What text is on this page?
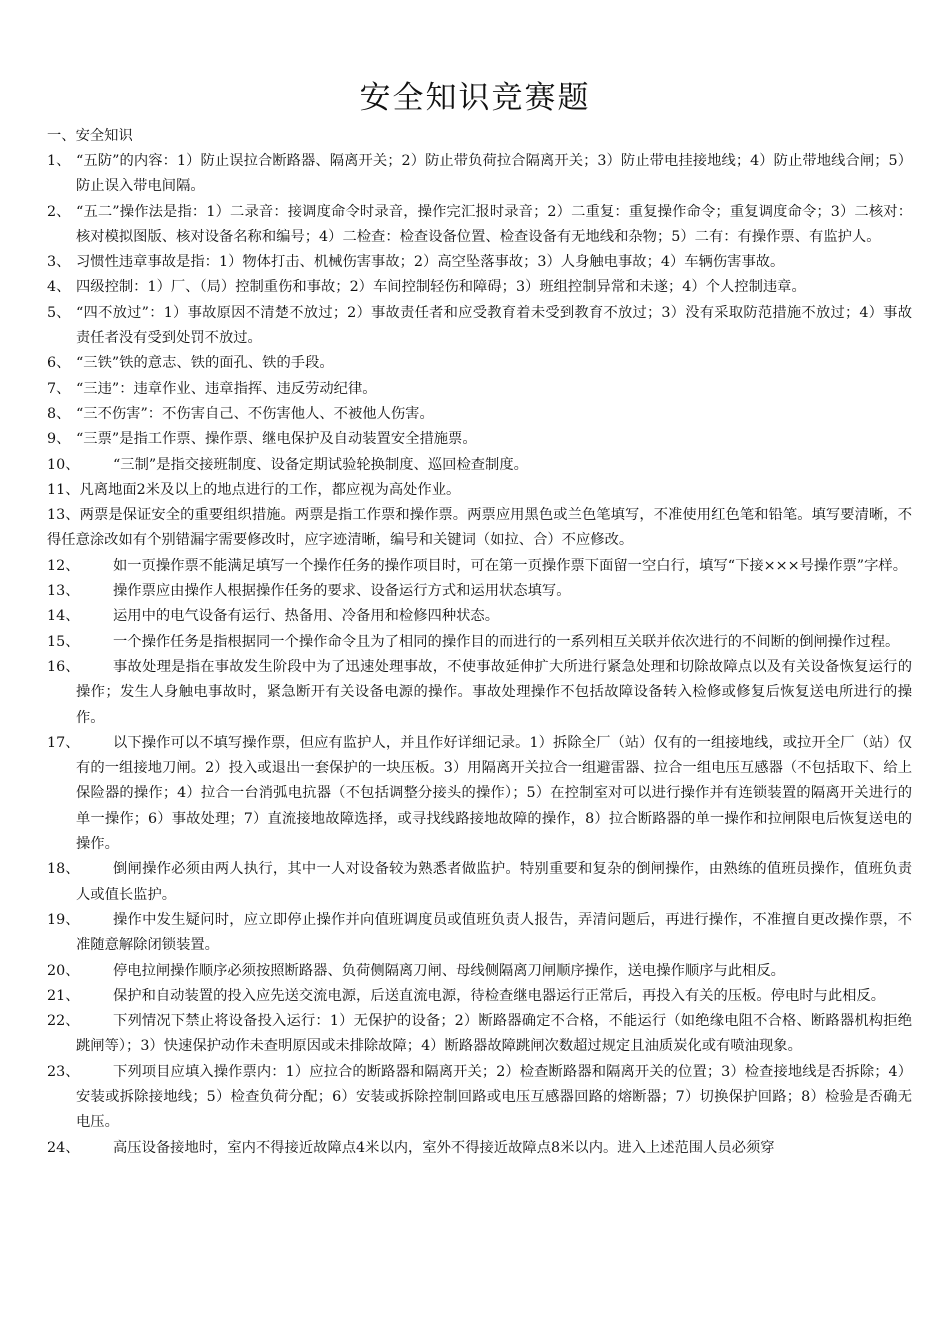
安全知识竞赛题
一、安全知识
1、 “五防”的内容：1）防止误拉合断路器、隔离开关；2）防止带负荷拉合隔离开关；3）防止带电挂接地线；4）防止带地线合闸；5）防止误入带电间隔。
2、 “五二”操作法是指：1）二录音：接调度命令时录音，操作完汇报时录音；2）二重复：重复操作命令；重复调度命令；3）二核对：核对模拟图版、核对设备名称和编号；4）二检查：检查设备位置、检查设备有无地线和杂物；5）二有：有操作票、有监护人。
3、 习惯性违章事故是指：1）物体打击、机械伤害事故；2）高空坠落事故；3）人身触电事故；4）车辆伤害事故。
4、 四级控制：1）厂、（局）控制重伤和事故；2）车间控制轻伤和障碍；3）班组控制异常和未遂；4）个人控制违章。
5、 “四不放过”：1）事故原因不清楚不放过；2）事故责任者和应受教育着未受到教育不放过；3）没有采取防范措施不放过；4）事故责任者没有受到处罚不放过。
6、 “三铁”铁的意志、铁的面孔、铁的手段。
7、 “三违”：违章作业、违章指挥、违反劳动纪律。
8、 “三不伤害”：不伤害自己、不伤害他人、不被他人伤害。
9、 “三票”是指工作票、操作票、继电保护及自动装置安全措施票。
10、	“三制”是指交接班制度、设备定期试验轮换制度、巡回检查制度。
11、凡离地面2米及以上的地点进行的工作，都应视为高处作业。
13、两票是保证安全的重要组织措施。两票是指工作票和操作票。两票应用黑色或兰色笔填写，不准使用红色笔和铅笔。填写要清晰，不得任意涂改如有个别错漏字需要修改时，应字迹清晰，编号和关键词（如拉、合）不应修改。
12、	如一页操作票不能满足填写一个操作任务的操作项目时，可在第一页操作票下面留一空白行，填写“下接×××号操作票”字样。
13、	操作票应由操作人根据操作任务的要求、设备运行方式和运用状态填写。
14、	运用中的电气设备有运行、热备用、冷备用和检修四种状态。
15、	一个操作任务是指根据同一个操作命令且为了相同的操作目的而进行的一系列相互关联并依次进行的不间断的倒闸操作过程。
16、	事故处理是指在事故发生阶段中为了迅速处理事故，不使事故延伸扩大所进行紧急处理和切除故障点以及有关设备恢复运行的操作；发生人身触电事故时，紧急断开有关设备电源的操作。事故处理操作不包括故障设备转入检修或修复后恢复送电所进行的操作。
17、	以下操作可以不填写操作票，但应有监护人，并且作好详细记录。1）拆除全厂（站）仅有的一组接地线，或拉开全厂（站）仅有的一组接地刀闸。2）投入或退出一套保护的一块压板。3）用隔离开关拉合一组避雷器、拉合一组电压互感器（不包括取下、给上保险器的操作；4）拉合一台消弧电抗器（不包括调整分接头的操作）；5）在控制室对可以进行操作并有连锁装置的隔离开关进行的单一操作；6）事故处理；7）直流接地故障选择，或寻找线路接地故障的操作，8）拉合断路器的单一操作和拉闸限电后恢复送电的操作。
18、	倒闸操作必须由两人执行，其中一人对设备较为熟悉者做监护。特别重要和复杂的倒闸操作，由熟练的值班员操作，值班负责人或值长监护。
19、	操作中发生疑问时，应立即停止操作并向值班调度员或值班负责人报告，弄清问题后，再进行操作，不准擅自更改操作票，不准随意解除闭锁装置。
20、	停电拉闸操作顺序必须按照断路器、负荷侧隔离刀闸、母线侧隔离刀闸顺序操作，送电操作顺序与此相反。
21、	保护和自动装置的投入应先送交流电源，后送直流电源，待检查继电器运行正常后，再投入有关的压板。停电时与此相反。
22、	下列情况下禁止将设备投入运行：1）无保护的设备；2）断路器确定不合格，不能运行（如绝缘电阻不合格、断路器机构拒绝跳闸等）；3）快速保护动作未查明原因或未排除故障；4）断路器故障跳闸次数超过规定且油质炭化或有喷油现象。
23、	下列项目应填入操作票内：1）应拉合的断路器和隔离开关；2）检查断路器和隔离开关的位置；3）检查接地线是否拆除；4）安装或拆除接地线；5）检查负荷分配；6）安装或拆除控制回路或电压互感器回路的熔断器；7）切换保护回路；8）检验是否确无电压。
24、	高压设备接地时，室内不得接近故障点4米以内，室外不得接近故障点8米以内。进入上述范围人员必须穿
